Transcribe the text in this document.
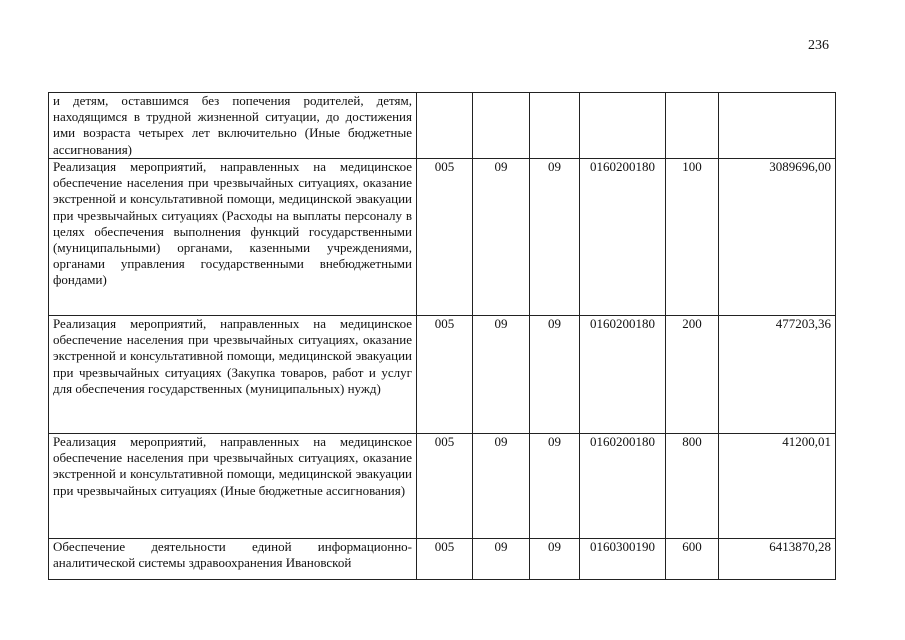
236
и детям, оставшимся без попечения родителей, детям, находящимся в трудной жизненной ситуации, до достижения ими возраста четырех лет включительно (Иные бюджетные ассигнования)						
Реализация мероприятий, направленных на медицинское обеспечение населения при чрезвычайных ситуациях, оказание экстренной и консультативной помощи, медицинской эвакуации при чрезвычайных ситуациях (Расходы на выплаты персоналу в целях обеспечения выполнения функций государственными (муниципальными) органами, казенными учреждениями, органами управления государственными внебюджетными фондами)	005	09	09	0160200180	100	3089696,00
Реализация мероприятий, направленных на медицинское обеспечение населения при чрезвычайных ситуациях, оказание экстренной и консультативной помощи, медицинской эвакуации при чрезвычайных ситуациях (Закупка товаров, работ и услуг для обеспечения государственных (муниципальных) нужд)	005	09	09	0160200180	200	477203,36
Реализация мероприятий, направленных на медицинское обеспечение населения при чрезвычайных ситуациях, оказание экстренной и консультативной помощи, медицинской эвакуации при чрезвычайных ситуациях (Иные бюджетные ассигнования)	005	09	09	0160200180	800	41200,01
Обеспечение деятельности единой информационно-аналитической системы здравоохранения Ивановской	005	09	09	0160300190	600	6413870,28
